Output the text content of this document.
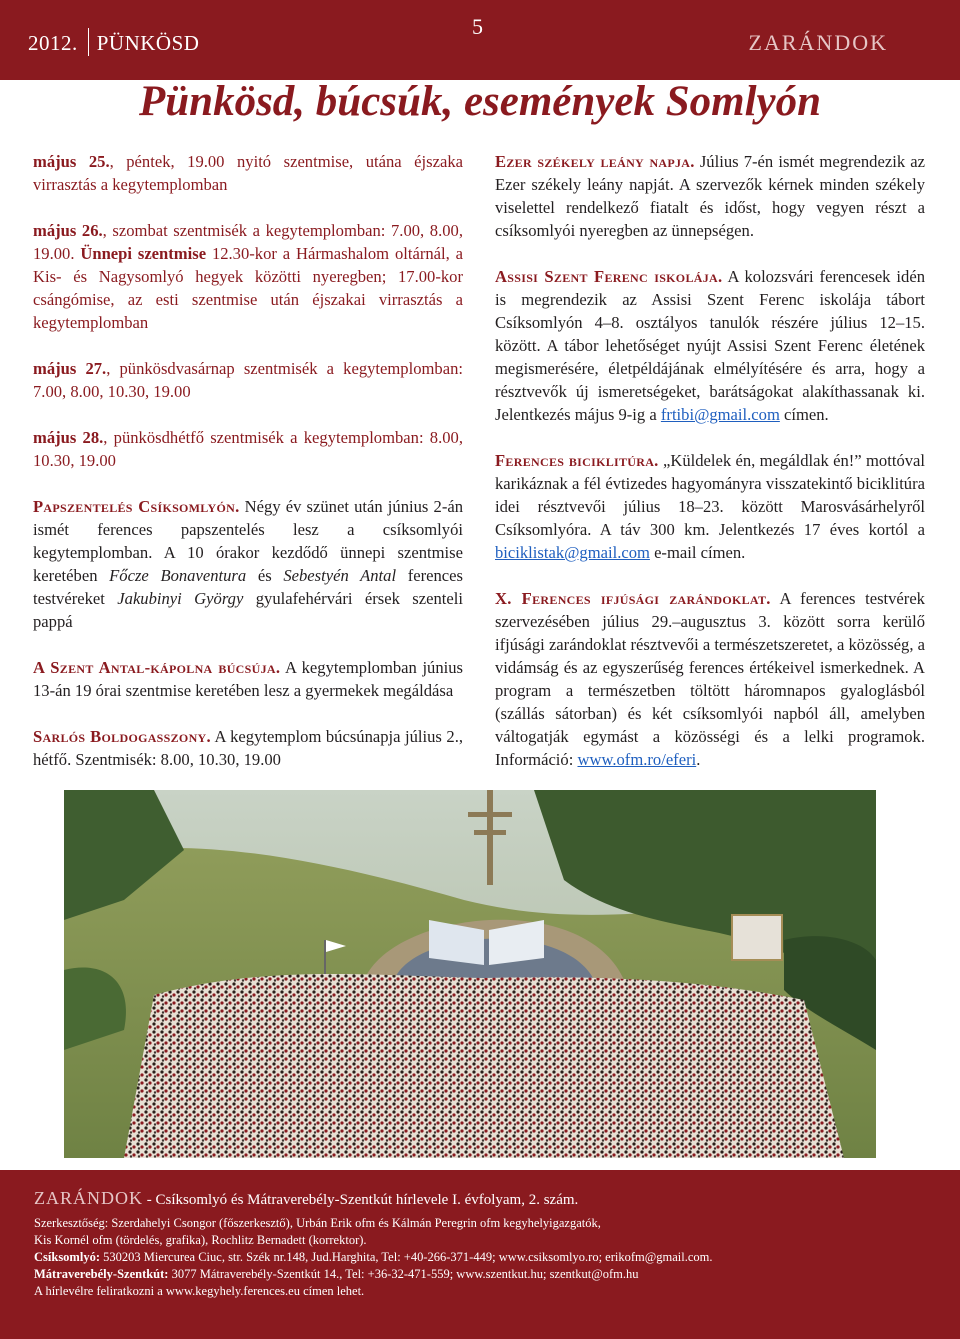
2012. PÜNKÖSD
5
ZARÁNDOK
Pünkösd, búcsúk, események Somlyón

május 25., péntek, 19.00 nyitó szentmise, utána éjszaka virrasztás a kegytemplomban

május 26., szombat szentmisék a kegytemplomban: 7.00, 8.00, 19.00. Ünnepi szentmise 12.30-kor a Hármashalom oltárnál, a Kis- és Nagysomlyó hegyek közötti nyeregben; 17.00-kor csángómise, az esti szentmise után éjszakai virrasztás a kegytemplomban

május 27., pünkösdvasárnap szentmisék a kegytemplomban: 7.00, 8.00, 10.30, 19.00

május 28., pünkösdhétfő szentmisék a kegytemplomban: 8.00, 10.30, 19.00

Papszentelés Csíksomlyón. Négy év szünet után június 2-án ismét ferences papszentelés lesz a csíksomlyói kegytemplomban. A 10 órakor kezdődő ünnepi szentmise keretében Főcze Bonaventura és Sebestyén Antal ferences testvéreket Jakubinyi György gyulafehérvári érsek szenteli pappá

A Szent Antal-kápolna búcsúja. A kegytemplomban június 13-án 19 órai szentmise keretében lesz a gyermekek megáldása

Sarlós Boldogasszony. A kegytemplom búcsúnapja július 2., hétfő. Szentmisék: 8.00, 10.30, 19.00

Ezer székely leány napja. Július 7-én ismét megrendezik az Ezer székely leány napját. A szervezők kérnek minden székely viselettel rendelkező fiatalt és időst, hogy vegyen részt a csíksomlyói nyeregben az ünnepségen.

Assisi Szent Ferenc iskolája. A kolozsvári ferencesek idén is megrendezik az Assisi Szent Ferenc iskolája tábort Csíksomlyón 4–8. osztályos tanulók részére július 12–15. között. A tábor lehetőséget nyújt Assisi Szent Ferenc életének megismerésére, életpéldájának elmélyítésére és arra, hogy a résztvevők új ismeretségeket, barátságokat alakíthassanak ki. Jelentkezés május 9-ig a frtibi@gmail.com címen.

Ferences biciklitúra. „Küldelek én, megáldlak én!” mottóval karikáznak a fél évtizedes hagyományra visszatekintő biciklitúra idei résztvevői július 18–23. között Marosvásárhelyről Csíksomlyóra. A táv 300 km. Jelentkezés 17 éves kortól a biciklistak@gmail.com e-mail címen.

X. Ferences ifjúsági zarándoklat. A ferences testvérek szervezésében július 29.–augusztus 3. között sorra kerülő ifjúsági zarándoklat résztvevői a természetszeretet, a közösség, a vidámság és az egyszerűség ferences értékeivel ismerkednek. A program a természetben töltött háromnapos gyaloglásból (szállás sátorban) és két csíksomlyói napból áll, amelyben váltogatják egymást a közösségi és a lelki programok. Információ: www.ofm.ro/eferi.

ZARÁNDOK - Csíksomlyó és Mátraverebély-Szentkút hírlevele I. évfolyam, 2. szám.
Szerkesztőség: Szerdahelyi Csongor (főszerkesztő), Urbán Erik ofm és Kálmán Peregrin ofm kegyhelyigazgatók,
Kis Kornél ofm (tördelés, grafika), Rochlitz Bernadett (korrektor).
Csíksomlyó: 530203 Miercurea Ciuc, str. Szék nr.148, Jud.Harghita, Tel: +40-266-371-449; www.csiksomlyo.ro; erikofm@gmail.com.
Mátraverebély-Szentkút: 3077 Mátraverebély-Szentkút 14., Tel: +36-32-471-559; www.szentkut.hu; szentkut@ofm.hu
A hírlevélre feliratkozni a www.kegyhely.ferences.eu címen lehet.
